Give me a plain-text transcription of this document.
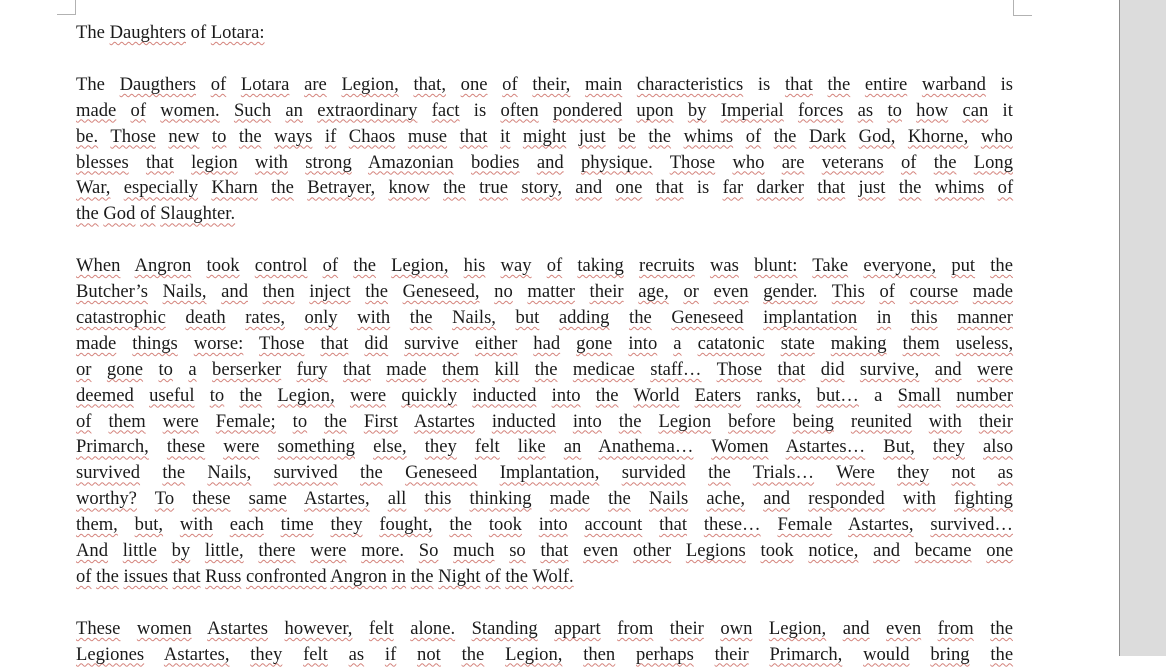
The Daughters of Lotara:
The Daugthers of Lotara are Legion, that, one of their, main characteristics is that the entire warband is
made of women. Such an extraordinary fact is often pondered upon by Imperial forces as to how can it
be. Those new to the ways if Chaos muse that it might just be the whims of the Dark God, Khorne, who
blesses that legion with strong Amazonian bodies and physique. Those who are veterans of the Long
War, especially Kharn the Betrayer, know the true story, and one that is far darker that just the whims of
the God of Slaughter.
When Angron took control of the Legion, his way of taking recruits was blunt: Take everyone, put the
Butcher’s Nails, and then inject the Geneseed, no matter their age, or even gender. This of course made
catastrophic death rates, only with the Nails, but adding the Geneseed implantation in this manner
made things worse: Those that did survive either had gone into a catatonic state making them useless,
or gone to a berserker fury that made them kill the medicae staff… Those that did survive, and were
deemed useful to the Legion, were quickly inducted into the World Eaters ranks, but… a Small number
of them were Female; to the First Astartes inducted into the Legion before being reunited with their
Primarch, these were something else, they felt like an Anathema… Women Astartes… But, they also
survived the Nails, survived the Geneseed Implantation, survided the Trials… Were they not as
worthy? To these same Astartes, all this thinking made the Nails ache, and responded with fighting
them, but, with each time they fought, the took into account that these… Female Astartes, survived…
And little by little, there were more. So much so that even other Legions took notice, and became one
of the issues that Russ confronted Angron in the Night of the Wolf.
These women Astartes however, felt alone. Standing appart from their own Legion, and even from the
Legiones Astartes, they felt as if not the Legion, then perhaps their Primarch, would bring the
